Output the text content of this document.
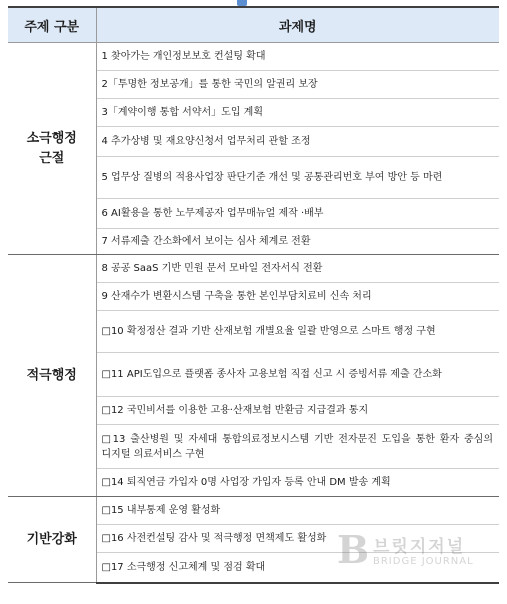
주제 구분	과제명
소극행정
근절	1 찾아가는 개인정보보호 컨설팅 확대
	2「투명한 정보공개」를 통한 국민의 알권리 보장
	3「계약이행 통합 서약서」도입 계획
	4 추가상병 및 재요양신청서 업무처리 관할 조정
	5 업무상 질병의 적용사업장 판단기준 개선 및 공통관리번호 부여 방안 등 마련
	6 AI활용을 통한 노무제공자 업무매뉴얼 제작 ·배부
	7 서류제출 간소화에서 보이는 심사 체계로 전환
적극행정	8 공공 SaaS 기반 민원 문서 모바일 전자서식 전환
	9 산재수가 변환시스템 구축을 통한 본인부담치료비 신속 처리
	□10 확정정산 결과 기반 산재보험 개별요율 일괄 반영으로 스마트 행정 구현
	□11 API도입으로 플랫폼 종사자 고용보험 직접 신고 시 증빙서류 제출 간소화
	□12 국민비서를 이용한 고용·산재보험 반환금 지급결과 통지
	□13 출산병원 및 자세대 통합의료정보시스템 기반 전자문진 도입을 통한 환자 중심의 디지털 의료서비스 구현
	□14 퇴직연금 가입자 0명 사업장 가입자 등록 안내 DM 발송 계획
기반강화	□15 내부통제 운영 활성화
	□16 사전컨설팅 감사 및 적극행정 면책제도 활성화
	□17 소극행정 신고체계 및 점검 확대 B 브릿지저널
BRIDGE JOURNAL
